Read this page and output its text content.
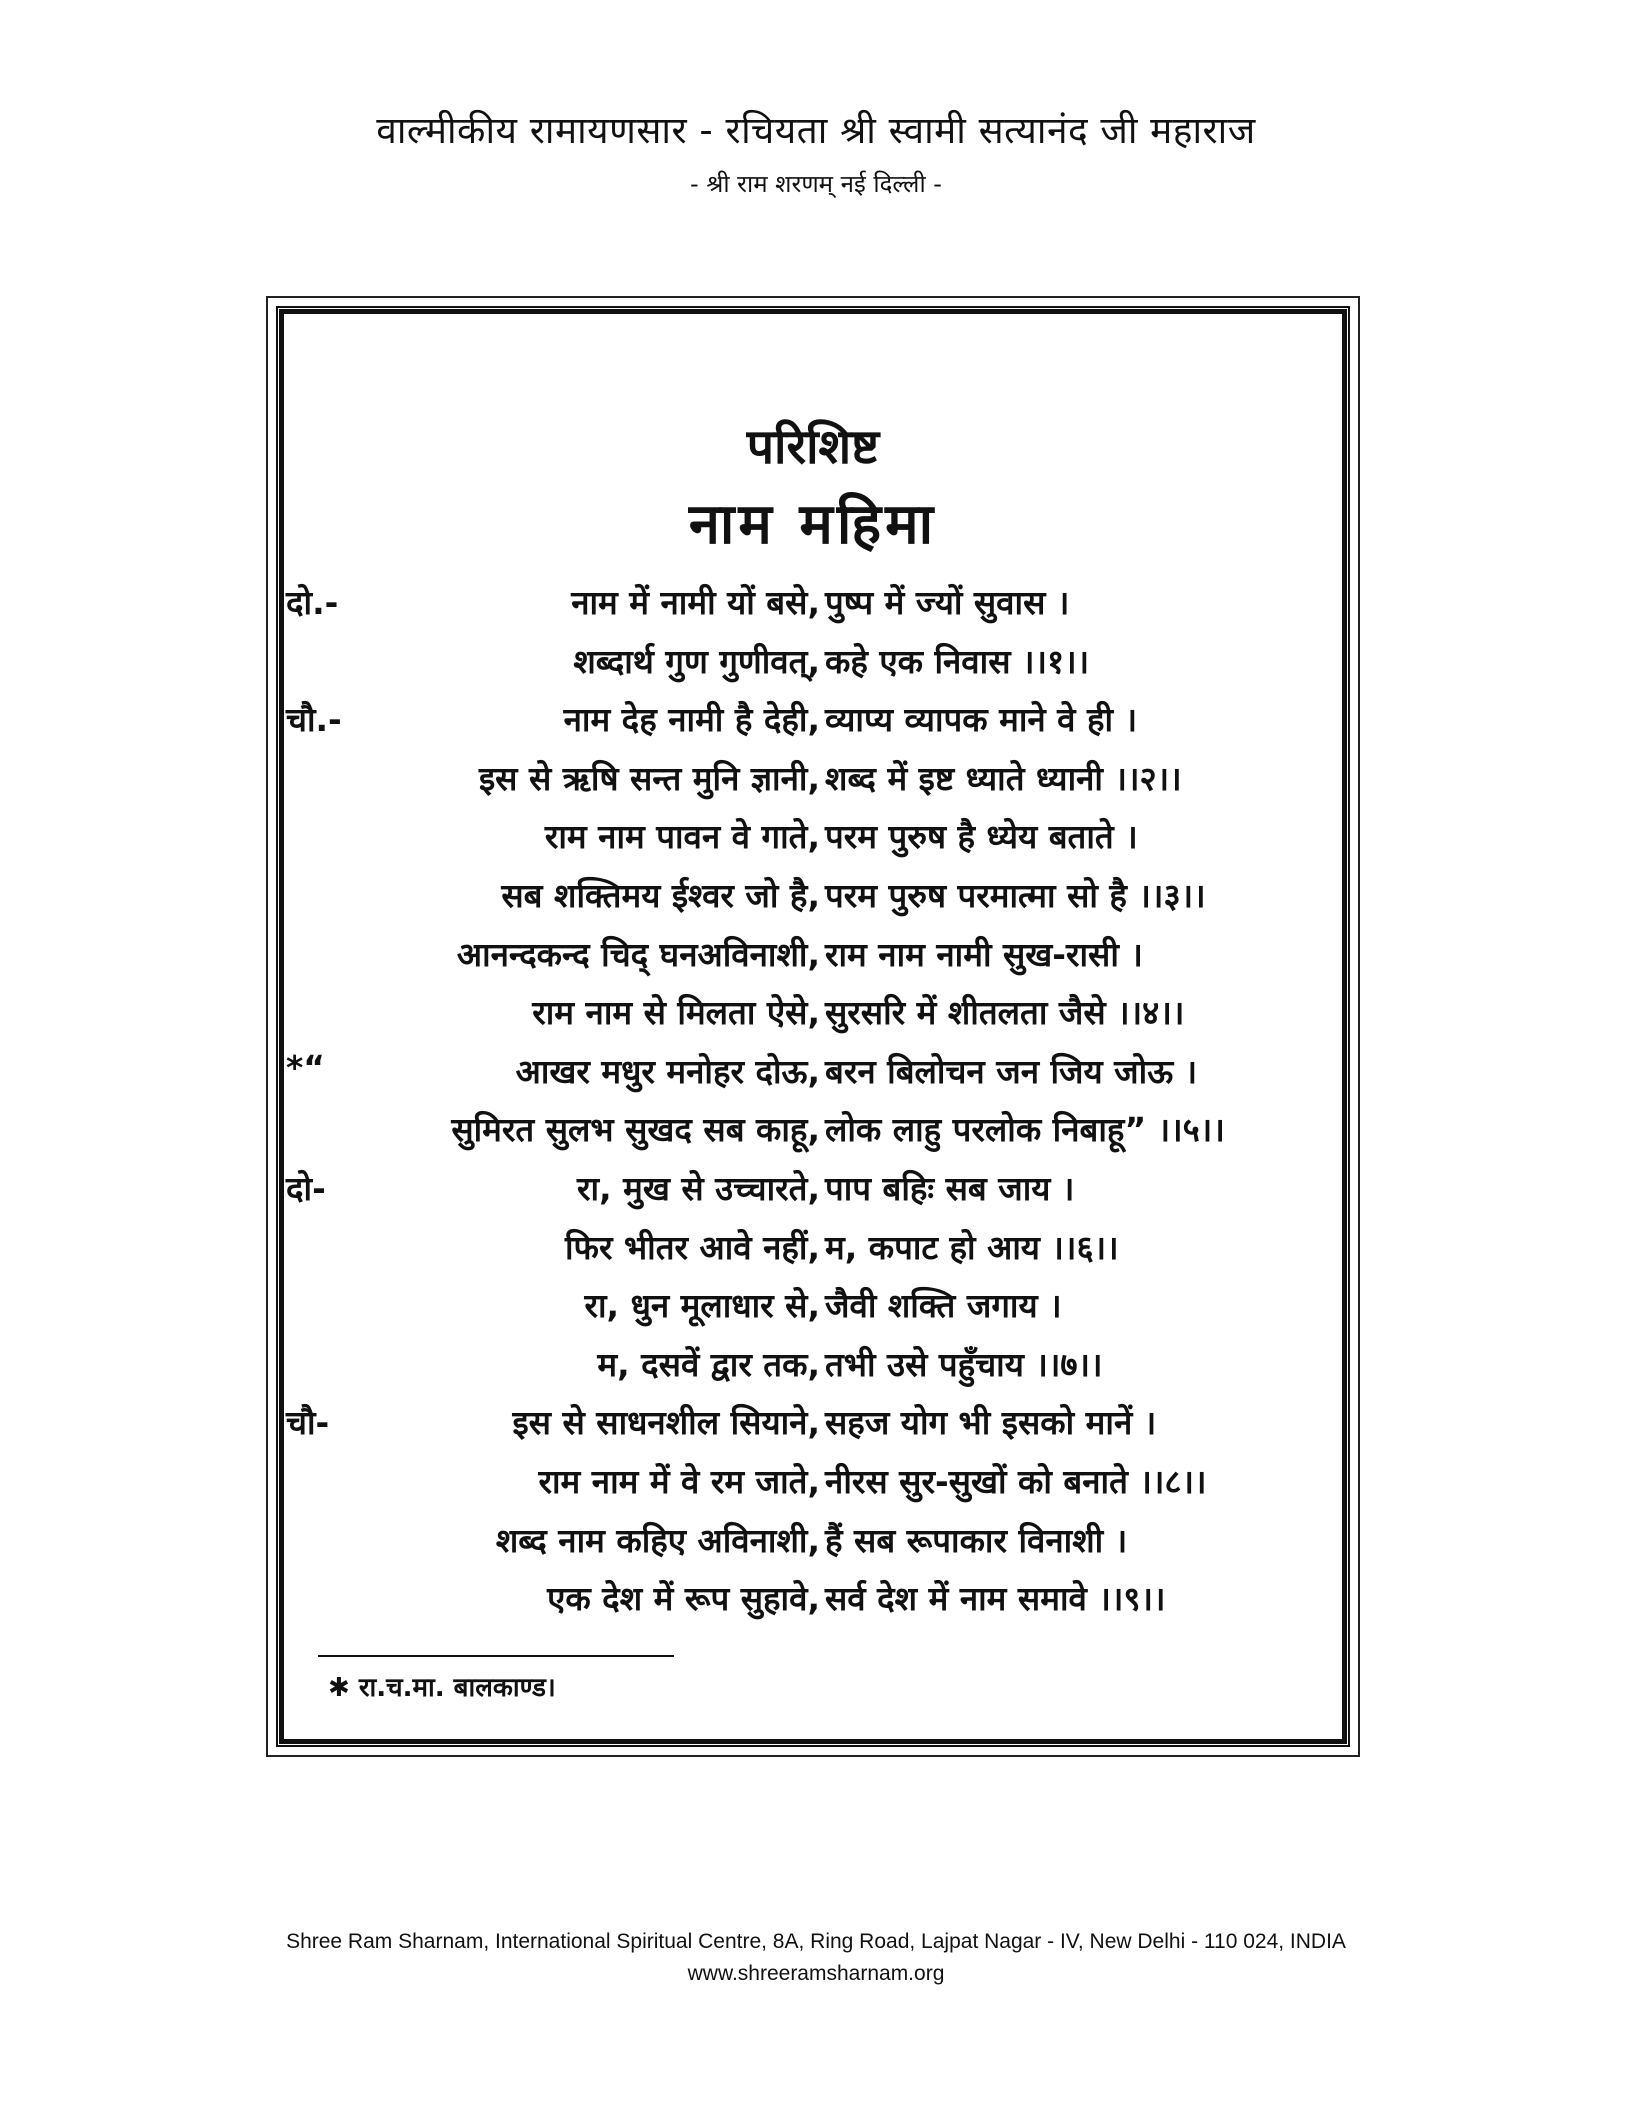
वाल्मीकीय रामायणसार - रचियता श्री स्वामी सत्यानंद जी महाराज
- श्री राम शरणम् नई दिल्ली -
परिशिष्ट
नाम महिमा
दो.-	नाम में नामी यों बसे, पुष्प में ज्यों सुवास ।
शब्दार्थ गुण गुणीवत्, कहे एक निवास ।।१।।
चौ.-	नाम देह नामी है देही, व्याप्य व्यापक माने वे ही ।
इस से ऋषि सन्त मुनि ज्ञानी, शब्द में इष्ट ध्याते ध्यानी ।।२।।
राम नाम पावन वे गाते, परम पुरुष है ध्येय बताते ।
सब शक्तिमय ईश्वर जो है, परम पुरुष परमात्मा सो है ।।३।।
आनन्दकन्द चिद् घनअविनाशी, राम नाम नामी सुख-रासी ।
राम नाम से मिलता ऐसे, सुरसरि में शीतलता जैसे ।।४।।
*“	आखर मधुर मनोहर दोऊ, बरन बिलोचन जन जिय जोऊ ।
सुमिरत सुलभ सुखद सब काहू, लोक लाहु परलोक निबाहू” ।।५।।
दो-	रा, मुख से उच्चारते, पाप बहिः सब जाय ।
फिर भीतर आवे नहीं, म, कपाट हो आय ।।६।।
रा, धुन मूलाधार से, जैवी शक्ति जगाय ।
म, दसवें द्वार तक, तभी उसे पहुँचाय ।।७।।
चौ-	इस से साधनशील सियाने, सहज योग भी इसको मानें ।
राम नाम में वे रम जाते, नीरस सुर-सुखों को बनाते ।।८।।
शब्द नाम कहिए अविनाशी, हैं सब रूपाकार विनाशी ।
एक देश में रूप सुहावे, सर्व देश में नाम समावे ।।९।।
✱ रा.च.मा. बालकाण्ड।
Shree Ram Sharnam, International Spiritual Centre, 8A, Ring Road, Lajpat Nagar - IV, New Delhi - 110 024, INDIA
www.shreeramsharnam.org
